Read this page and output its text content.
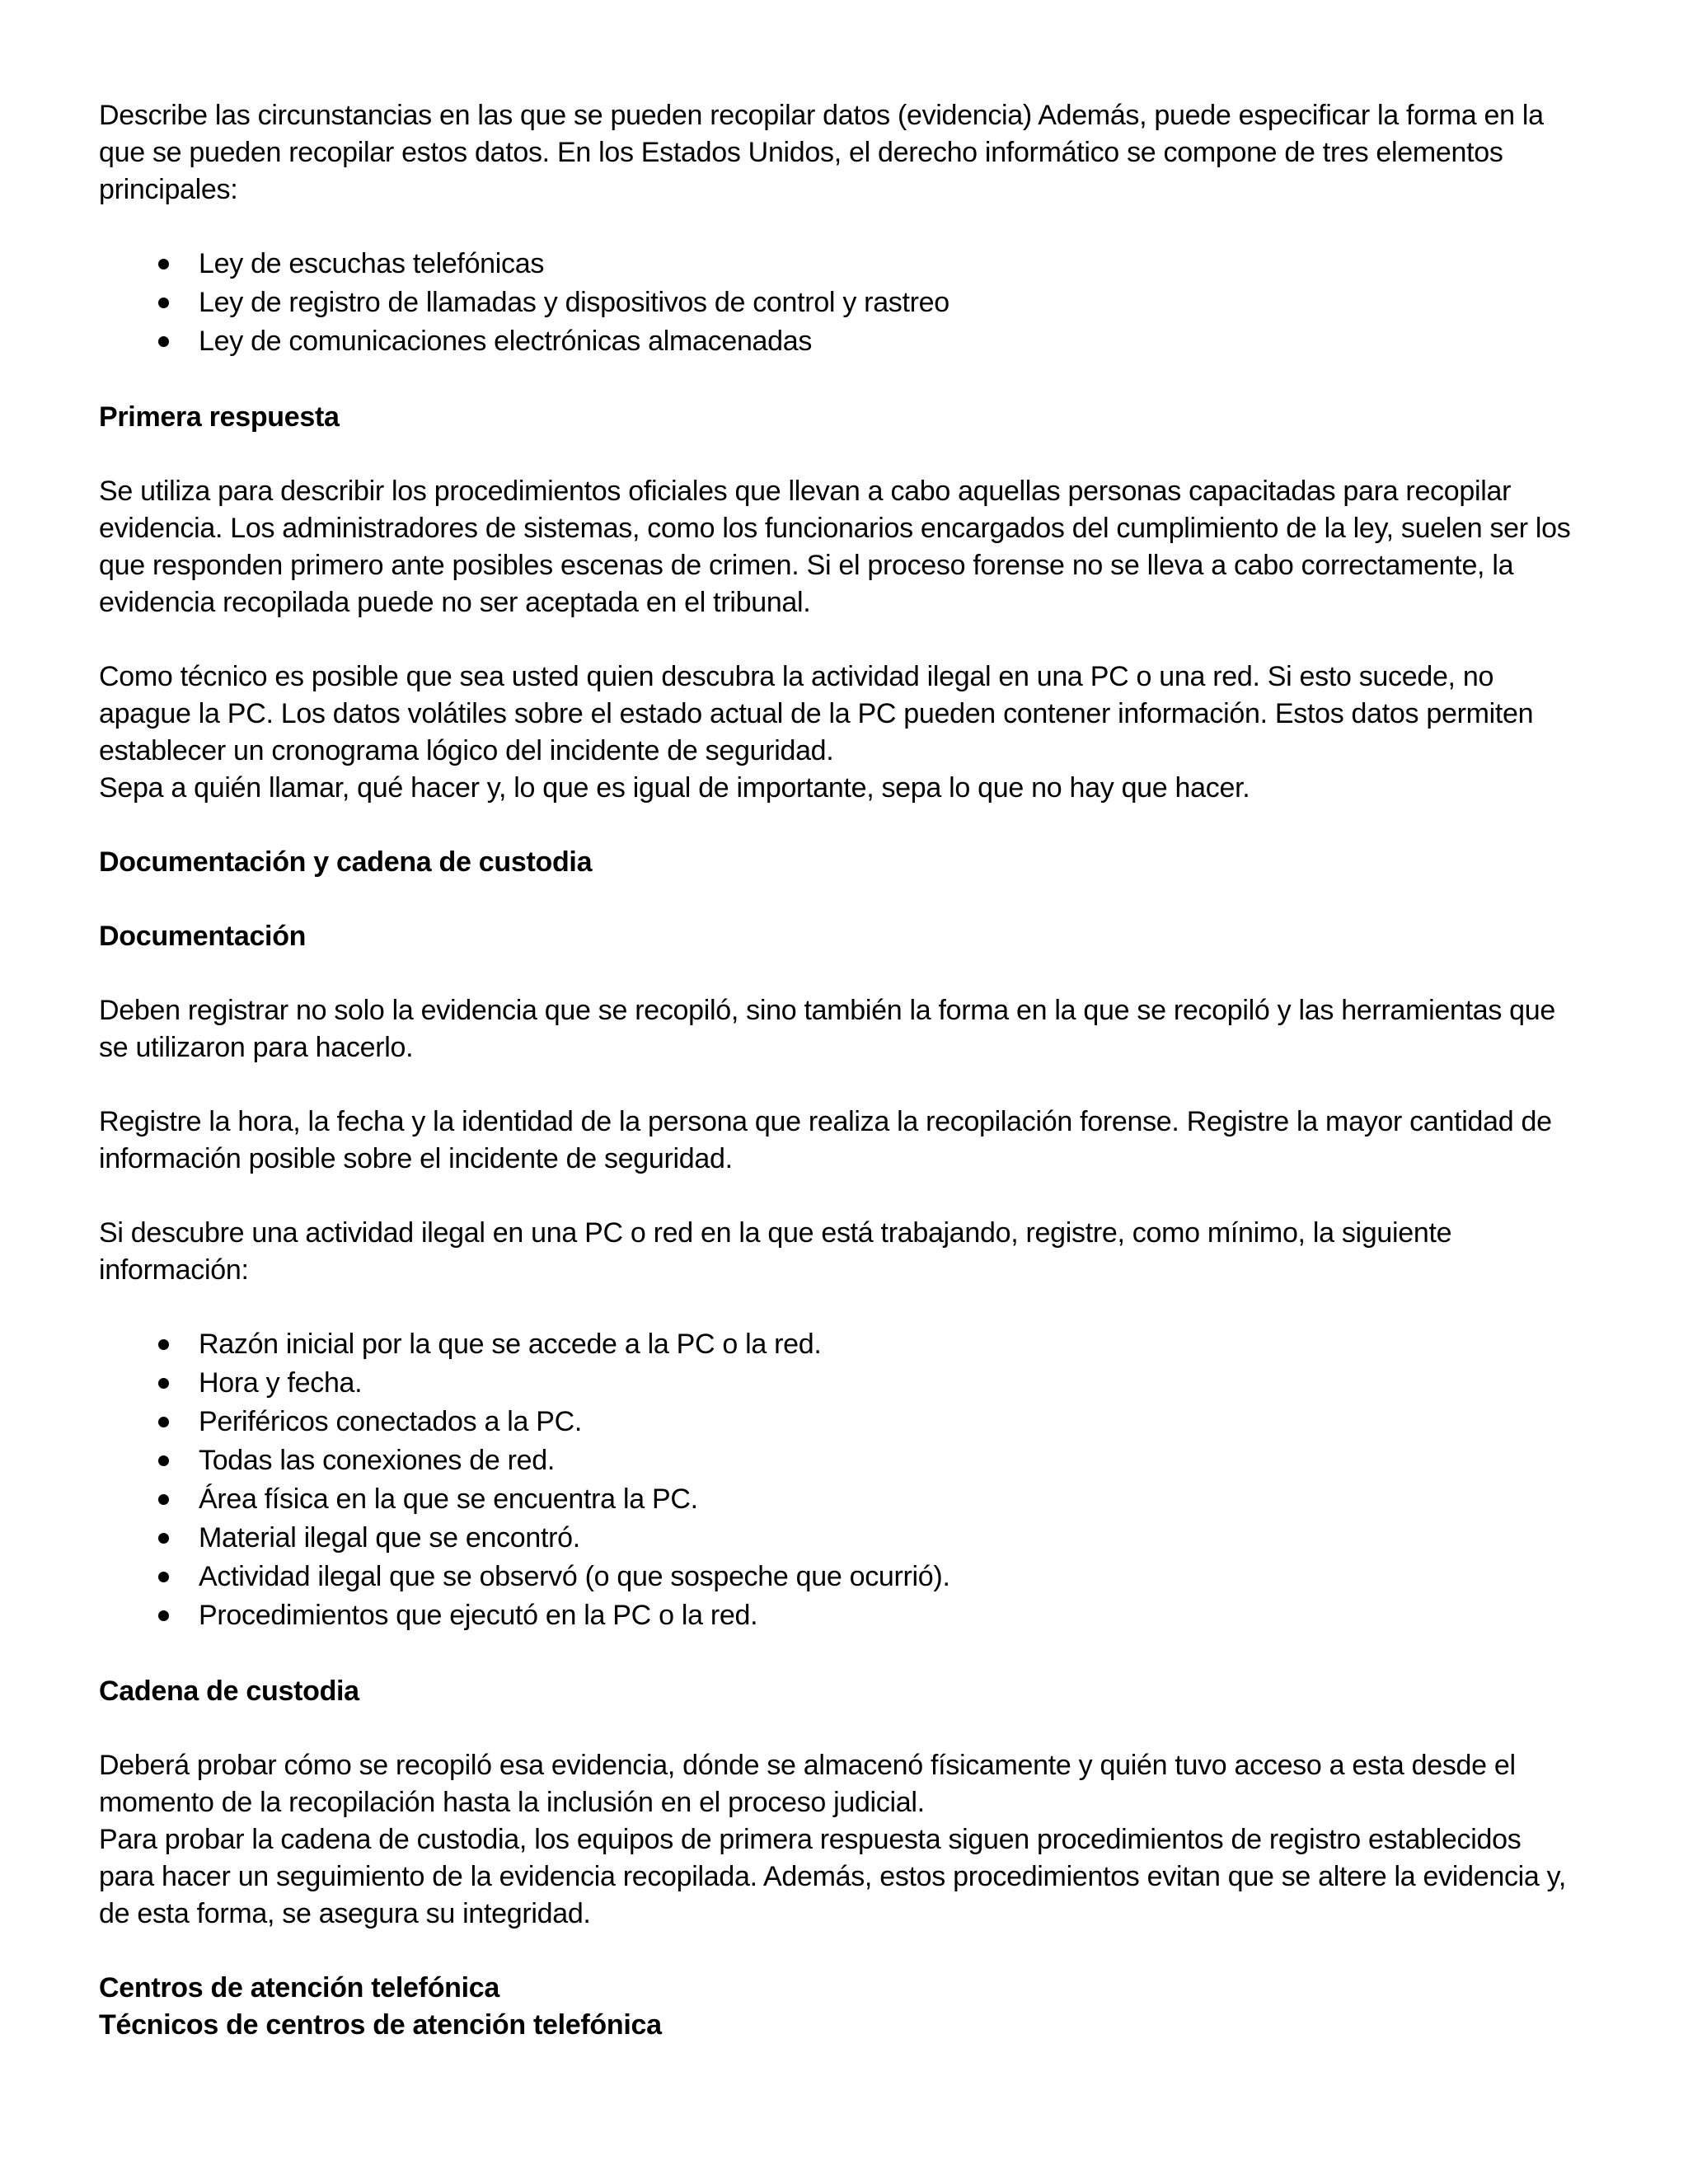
Describe las circunstancias en las que se pueden recopilar datos (evidencia) Además, puede especificar la forma en la que se pueden recopilar estos datos. En los Estados Unidos, el derecho informático se compone de tres elementos principales:

Ley de escuchas telefónicas
Ley de registro de llamadas y dispositivos de control y rastreo
Ley de comunicaciones electrónicas almacenadas

Primera respuesta

Se utiliza para describir los procedimientos oficiales que llevan a cabo aquellas personas capacitadas para recopilar evidencia. Los administradores de sistemas, como los funcionarios encargados del cumplimiento de la ley, suelen ser los que responden primero ante posibles escenas de crimen. Si el proceso forense no se lleva a cabo correctamente, la evidencia recopilada puede no ser aceptada en el tribunal.

Como técnico es posible que sea usted quien descubra la actividad ilegal en una PC o una red. Si esto sucede, no apague la PC. Los datos volátiles sobre el estado actual de la PC pueden contener información. Estos datos permiten establecer un cronograma lógico del incidente de seguridad.

Sepa a quién llamar, qué hacer y, lo que es igual de importante, sepa lo que no hay que hacer.

Documentación y cadena de custodia

Documentación

Deben registrar no solo la evidencia que se recopiló, sino también la forma en la que se recopiló y las herramientas que se utilizaron para hacerlo.

Registre la hora, la fecha y la identidad de la persona que realiza la recopilación forense. Registre la mayor cantidad de información posible sobre el incidente de seguridad.

Si descubre una actividad ilegal en una PC o red en la que está trabajando, registre, como mínimo, la siguiente información:

Razón inicial por la que se accede a la PC o la red.
Hora y fecha.
Periféricos conectados a la PC.
Todas las conexiones de red.
Área física en la que se encuentra la PC.
Material ilegal que se encontró.
Actividad ilegal que se observó (o que sospeche que ocurrió).
Procedimientos que ejecutó en la PC o la red.

Cadena de custodia

Deberá probar cómo se recopiló esa evidencia, dónde se almacenó físicamente y quién tuvo acceso a esta desde el momento de la recopilación hasta la inclusión en el proceso judicial.

Para probar la cadena de custodia, los equipos de primera respuesta siguen procedimientos de registro establecidos para hacer un seguimiento de la evidencia recopilada. Además, estos procedimientos evitan que se altere la evidencia y, de esta forma, se asegura su integridad.

Centros de atención telefónica

Técnicos de centros de atención telefónica
